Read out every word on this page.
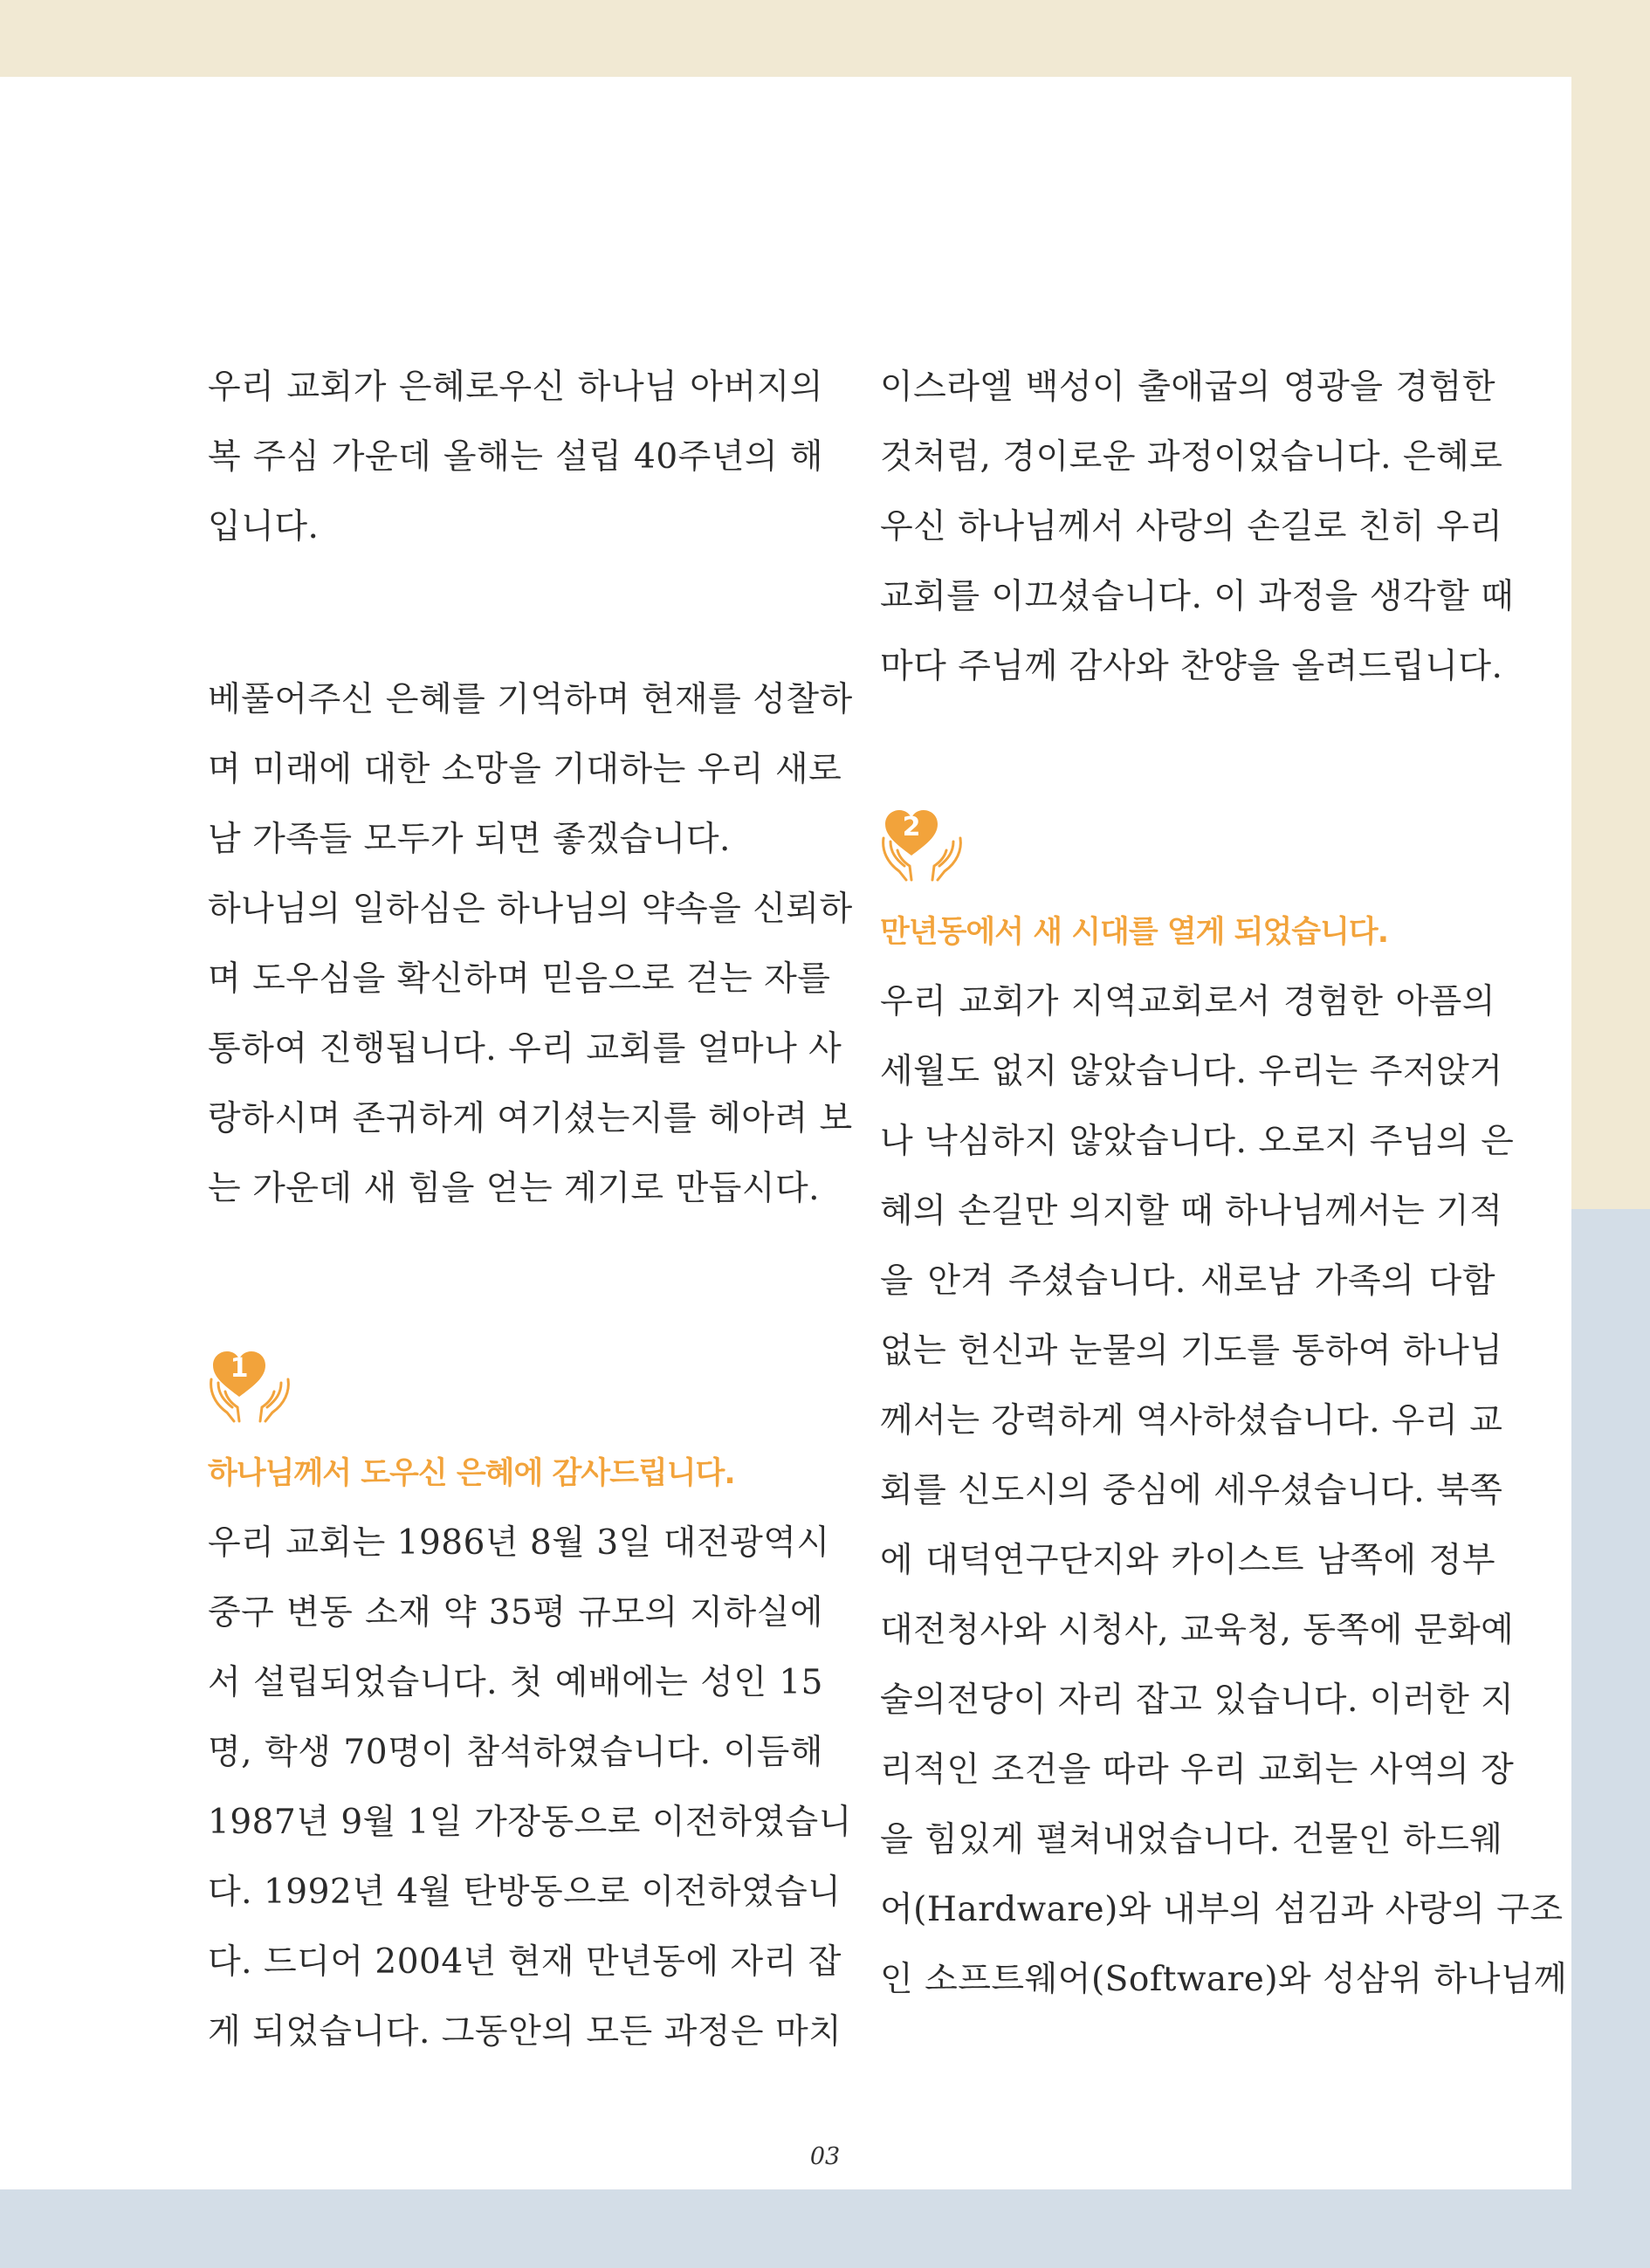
우리 교회가 은혜로우신 하나님 아버지의

복 주심 가운데 올해는 설립 40주년의 해

입니다.

베풀어주신 은혜를 기억하며 현재를 성찰하

며 미래에 대한 소망을 기대하는 우리 새로

남 가족들 모두가 되면 좋겠습니다.

하나님의 일하심은 하나님의 약속을 신뢰하

며 도우심을 확신하며 믿음으로 걷는 자를

통하여 진행됩니다. 우리 교회를 얼마나 사

랑하시며 존귀하게 여기셨는지를 헤아려 보

는 가운데 새 힘을 얻는 계기로 만듭시다.

1
하나님께서 도우신 은혜에 감사드립니다.

우리 교회는 1986년 8월 3일 대전광역시

중구 변동 소재 약 35평 규모의 지하실에

서 설립되었습니다. 첫 예배에는 성인 15

명, 학생 70명이 참석하였습니다. 이듬해

1987년 9월 1일 가장동으로 이전하였습니

다. 1992년 4월 탄방동으로 이전하였습니

다. 드디어 2004년 현재 만년동에 자리 잡

게 되었습니다. 그동안의 모든 과정은 마치

이스라엘 백성이 출애굽의 영광을 경험한

것처럼, 경이로운 과정이었습니다. 은혜로

우신 하나님께서 사랑의 손길로 친히 우리

교회를 이끄셨습니다. 이 과정을 생각할 때

마다 주님께 감사와 찬양을 올려드립니다.

2
만년동에서 새 시대를 열게 되었습니다.

우리 교회가 지역교회로서 경험한 아픔의

세월도 없지 않았습니다. 우리는 주저앉거

나 낙심하지 않았습니다. 오로지 주님의 은

혜의 손길만 의지할 때 하나님께서는 기적

을 안겨 주셨습니다. 새로남 가족의 다함

없는 헌신과 눈물의 기도를 통하여 하나님

께서는 강력하게 역사하셨습니다. 우리 교

회를 신도시의 중심에 세우셨습니다. 북쪽

에 대덕연구단지와 카이스트 남쪽에 정부

대전청사와 시청사, 교육청, 동쪽에 문화예

술의전당이 자리 잡고 있습니다. 이러한 지

리적인 조건을 따라 우리 교회는 사역의 장

을 힘있게 펼쳐내었습니다. 건물인 하드웨

어(Hardware)와 내부의 섬김과 사랑의 구조

인 소프트웨어(Software)와 성삼위 하나님께

03
